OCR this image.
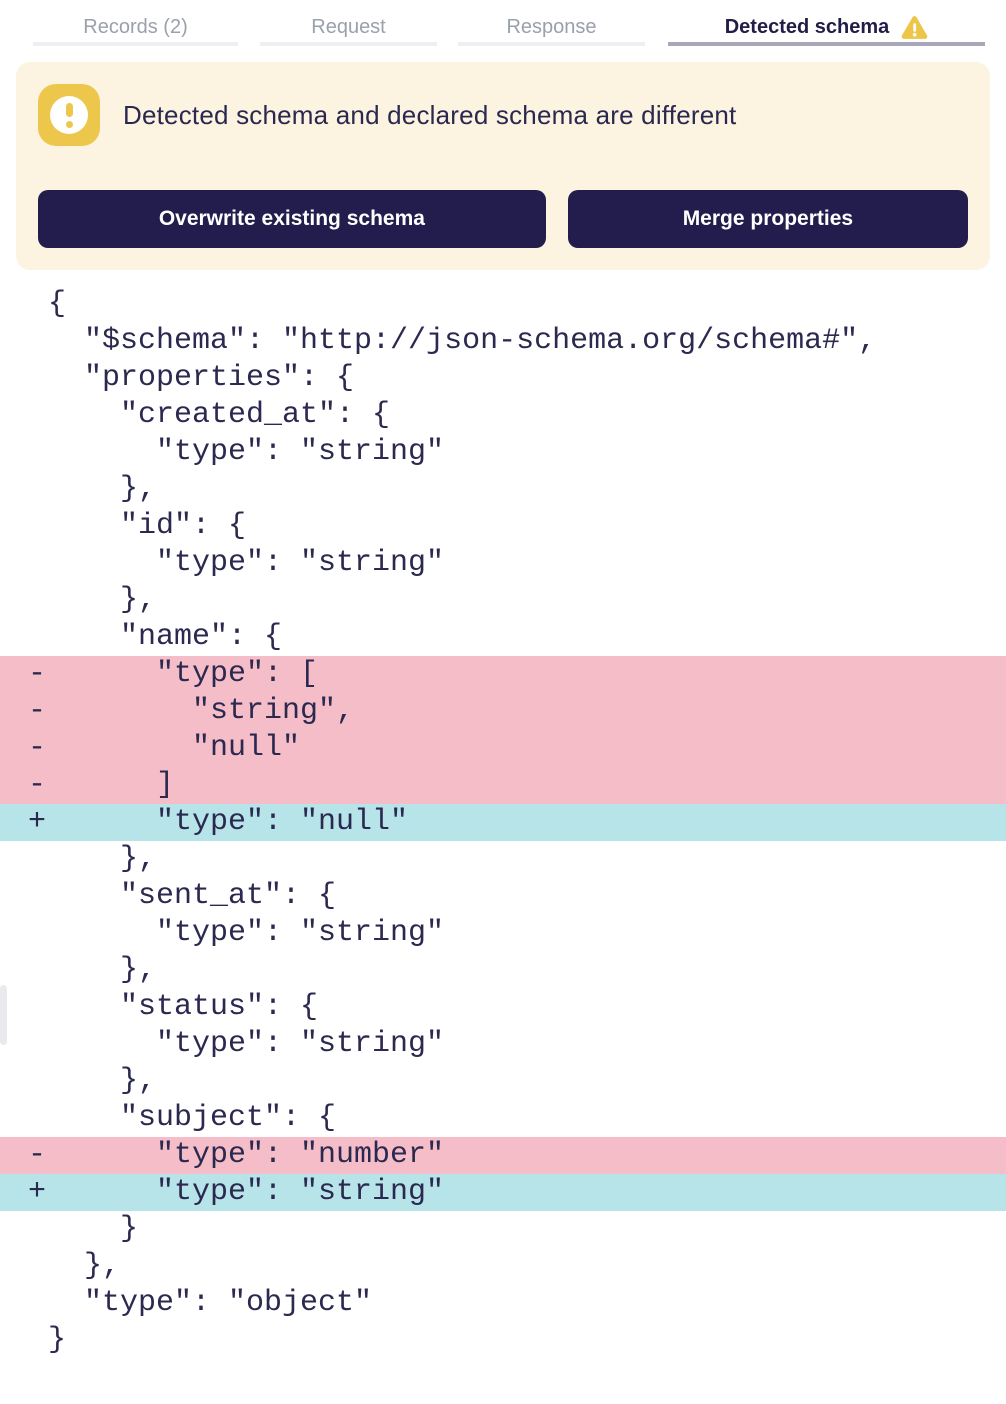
Records (2)	Request	Response	Detected schema
Detected schema and declared schema are different
Overwrite existing schema	Merge properties
{
"$schema": "http://json-schema.org/schema#",
"properties": {
"created_at": {
"type": "string"
},
"id": {
"type": "string"
},
"name": {
- "type": [
- "string",
- "null"
- ]
+ "type": "null"
},
"sent_at": {
"type": "string"
},
"status": {
"type": "string"
},
"subject": {
- "type": "number"
+ "type": "string"
}
},
"type": "object"
}
